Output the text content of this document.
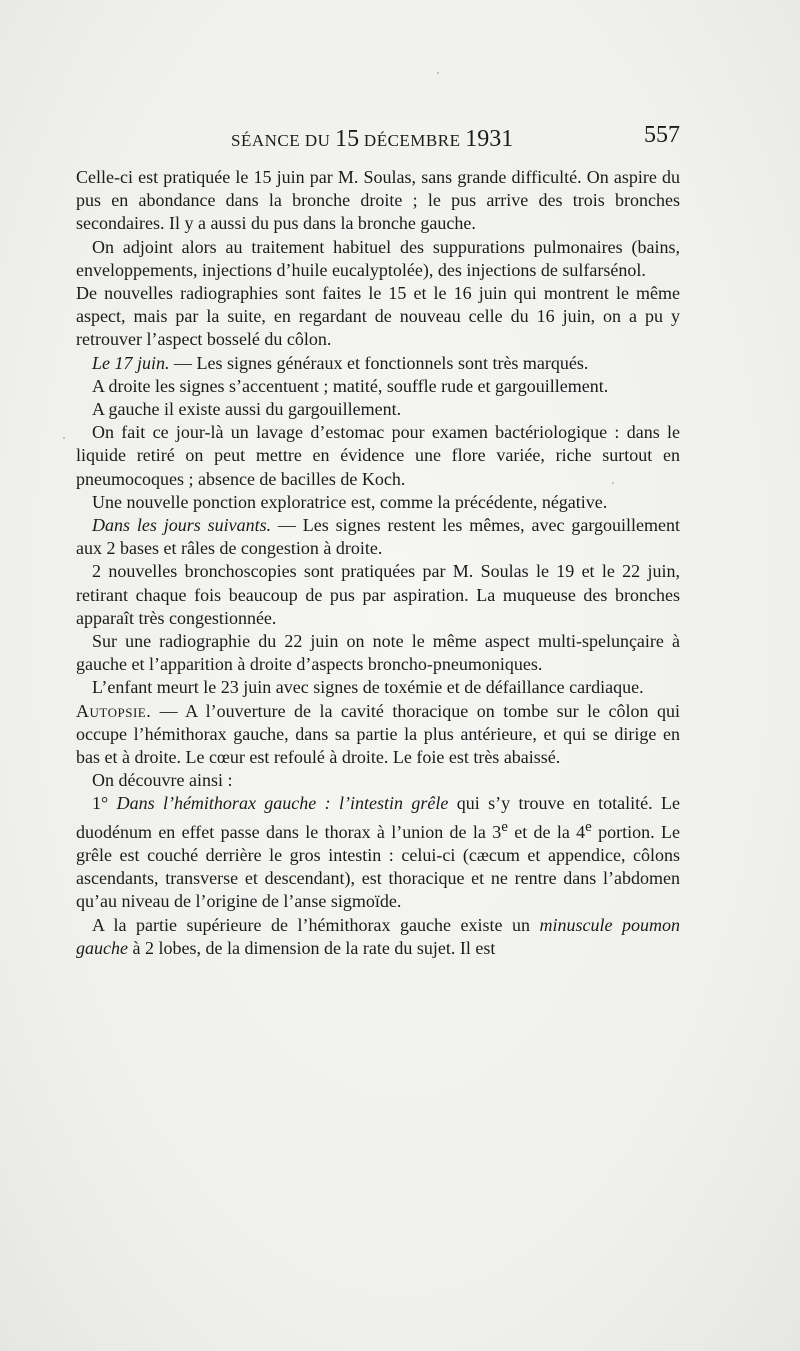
SÉANCE DU 15 DÉCEMBRE 1931	557

Celle-ci est pratiquée le 15 juin par M. Soulas, sans grande difficulté. On aspire du pus en abondance dans la bronche droite ; le pus arrive des trois bronches secondaires. Il y a aussi du pus dans la bronche gauche.

On adjoint alors au traitement habituel des suppurations pulmonaires (bains, enveloppements, injections d’huile eucalyptolée), des injections de sulfarsénol.

De nouvelles radiographies sont faites le 15 et le 16 juin qui montrent le même aspect, mais par la suite, en regardant de nouveau celle du 16 juin, on a pu y retrouver l’aspect bosselé du côlon.

Le 17 juin. — Les signes généraux et fonctionnels sont très marqués.

A droite les signes s’accentuent ; matité, souffle rude et gargouillement.

A gauche il existe aussi du gargouillement.

On fait ce jour-là un lavage d’estomac pour examen bactériologique : dans le liquide retiré on peut mettre en évidence une flore variée, riche surtout en pneumocoques ; absence de bacilles de Koch.

Une nouvelle ponction exploratrice est, comme la précédente, négative.

Dans les jours suivants. — Les signes restent les mêmes, avec gargouillement aux 2 bases et râles de congestion à droite.

2 nouvelles bronchoscopies sont pratiquées par M. Soulas le 19 et le 22 juin, retirant chaque fois beaucoup de pus par aspiration. La muqueuse des bronches apparaît très congestionnée.

Sur une radiographie du 22 juin on note le même aspect multi-spelunçaire à gauche et l’apparition à droite d’aspects broncho-pneumoniques.

L’enfant meurt le 23 juin avec signes de toxémie et de défaillance cardiaque.

Autopsie. — A l’ouverture de la cavité thoracique on tombe sur le côlon qui occupe l’hémithorax gauche, dans sa partie la plus antérieure, et qui se dirige en bas et à droite. Le cœur est refoulé à droite. Le foie est très abaissé.

On découvre ainsi :

1° Dans l’hémithorax gauche : l’intestin grêle qui s’y trouve en totalité. Le duodénum en effet passe dans le thorax à l’union de la 3e et de la 4e portion. Le grêle est couché derrière le gros intestin : celui-ci (cæcum et appendice, côlons ascendants, transverse et descendant), est thoracique et ne rentre dans l’abdomen qu’au niveau de l’origine de l’anse sigmoïde.

A la partie supérieure de l’hémithorax gauche existe un minuscule poumon gauche à 2 lobes, de la dimension de la rate du sujet. Il est
